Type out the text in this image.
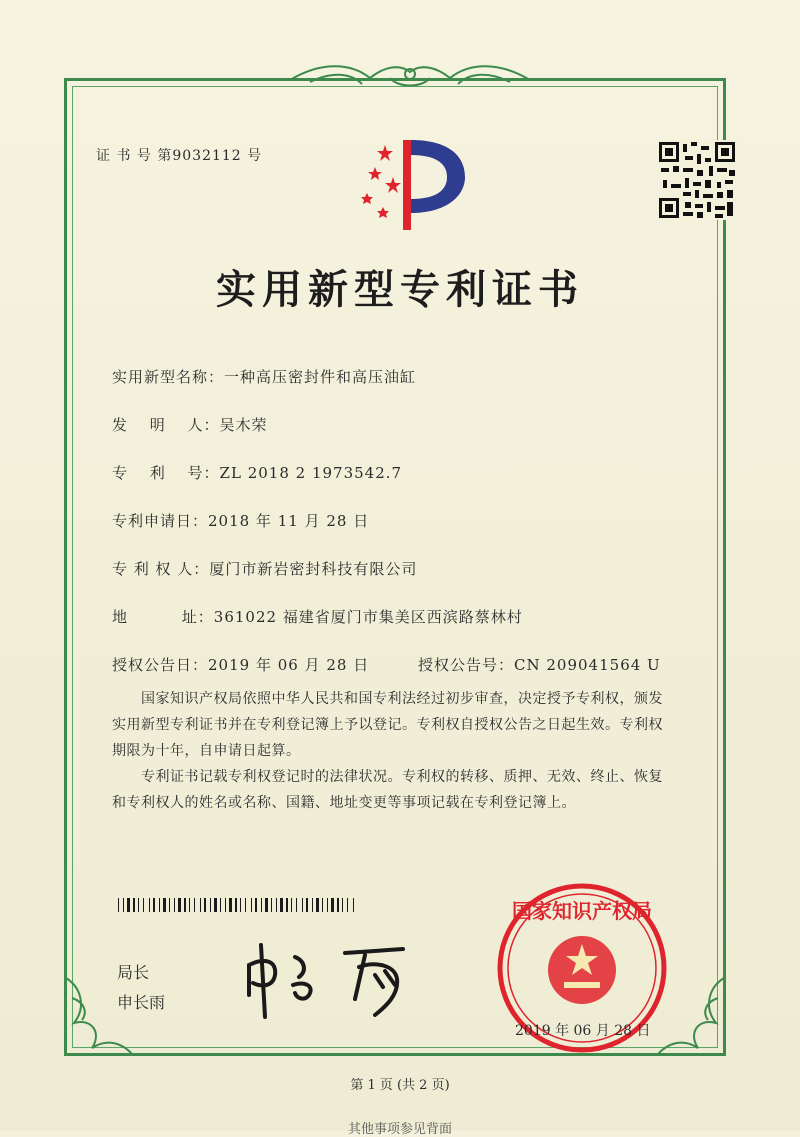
证 书 号 第9032112 号
实用新型专利证书
实用新型名称：一种高压密封件和高压油缸
发　 明　 人：吴木荣
专　 利　 号：ZL 2018 2 1973542.7
专利申请日：2018 年 11 月 28 日
专 利 权 人：厦门市新岩密封科技有限公司
地　　　 址：361022 福建省厦门市集美区西滨路蔡林村
授权公告日：2019 年 06 月 28 日	授权公告号：CN 209041564 U
　　国家知识产权局依照中华人民共和国专利法经过初步审查，决定授予专利权，颁发实用新型专利证书并在专利登记簿上予以登记。专利权自授权公告之日起生效。专利权期限为十年，自申请日起算。
　　专利证书记载专利权登记时的法律状况。专利权的转移、质押、无效、终止、恢复和专利权人的姓名或名称、国籍、地址变更等事项记载在专利登记簿上。
局长
申长雨
国家知识产权局
2019 年 06 月 28 日
第 1 页 (共 2 页)
其他事项参见背面
